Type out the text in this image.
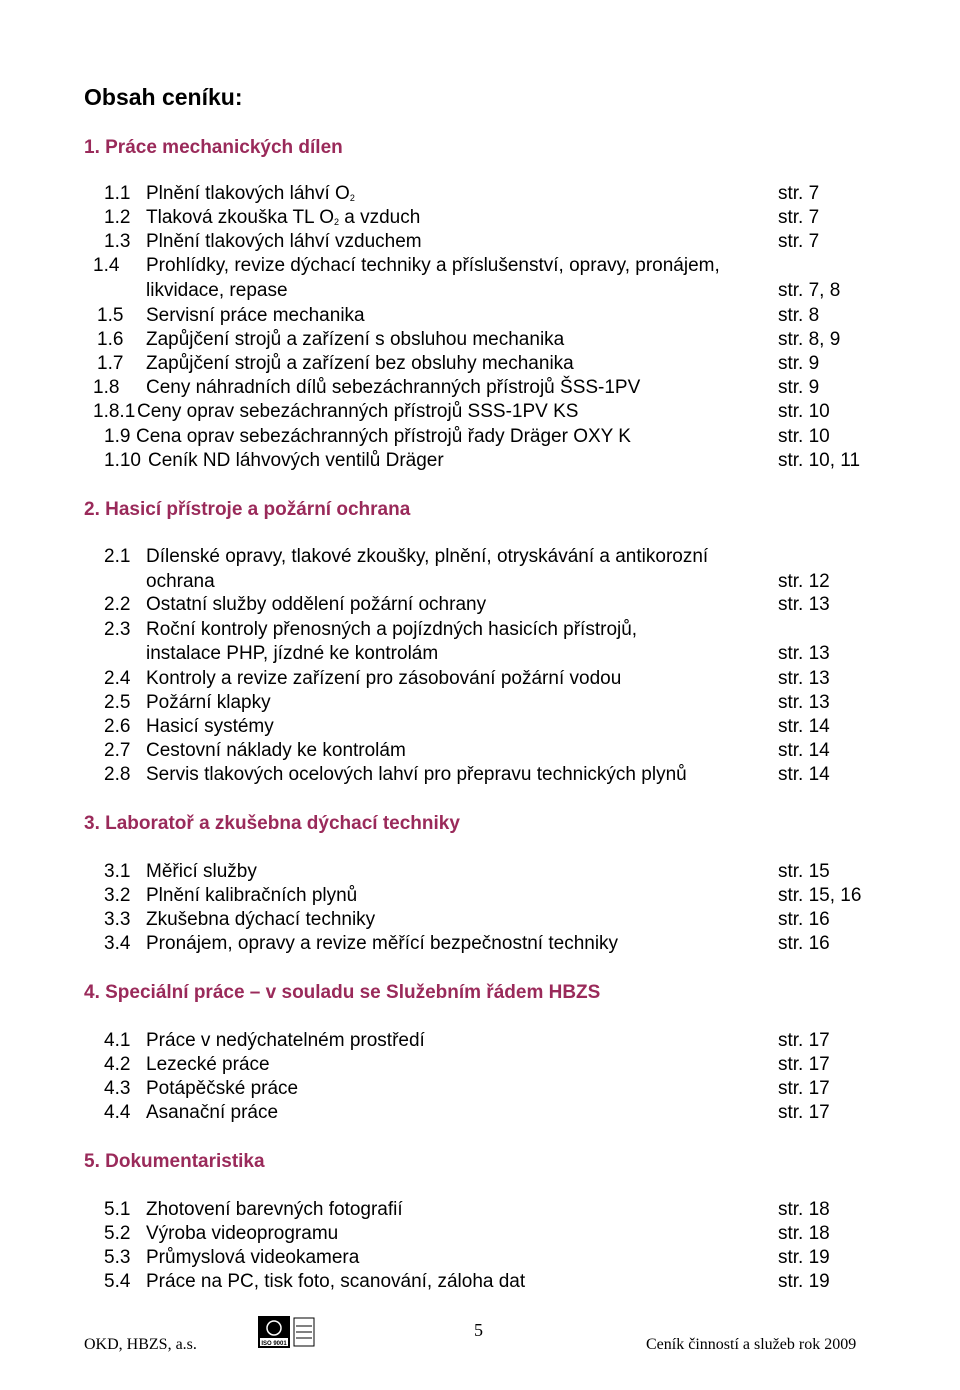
Obsah ceníku:
1. Práce mechanických dílen
2. Hasicí přístroje a požární ochrana
3. Laboratoř a zkušebna dýchací techniky
4. Speciální práce – v souladu se Služebním řádem HBZS
5. Dokumentaristika
1.1 Plnění tlakových láhví $O_2$	str. 7
1.2 Tlaková zkouška TL $O_2$ a vzduch	str. 7
1.3 Plnění tlakových láhví vzduchem	str. 7
1.4 Prohlídky, revize dýchací techniky a příslušenství, opravy, pronájem,
likvidace, repase	str. 7, 8
1.5 Servisní práce mechanika	str. 8
1.6 Zapůjčení strojů a zařízení s obsluhou mechanika	str. 8, 9
1.7 Zapůjčení strojů a zařízení bez obsluhy mechanika	str. 9
1.8 Ceny náhradních dílů sebezáchranných přístrojů ŠSS-1PV	str. 9
1.8.1 Ceny oprav sebezáchranných přístrojů SSS-1PV KS	str. 10
1.9 Cena oprav sebezáchranných přístrojů řady Dräger OXY K	str. 10
1.10 Ceník ND láhvových ventilů Dräger	str. 10, 11
2.1 Dílenské opravy, tlakové zkoušky, plnění, otryskávání a antikorozní
ochrana	str. 12
2.2 Ostatní služby oddělení požární ochrany	str. 13
2.3 Roční kontroly přenosných a pojízdných hasicích přístrojů,
instalace PHP, jízdné ke kontrolám	str. 13
2.4 Kontroly a revize zařízení pro zásobování požární vodou	str. 13
2.5 Požární klapky	str. 13
2.6 Hasicí systémy	str. 14
2.7 Cestovní náklady ke kontrolám	str. 14
2.8 Servis tlakových ocelových lahví pro přepravu technických plynů	str. 14
3.1 Měřicí služby	str. 15
3.2 Plnění kalibračních plynů	str. 15, 16
3.3 Zkušebna dýchací techniky	str. 16
3.4 Pronájem, opravy a revize měřící bezpečnostní techniky	str. 16
4.1 Práce v nedýchatelném prostředí	str. 17
4.2 Lezecké práce	str. 17
4.3 Potápěčské práce	str. 17
4.4 Asanační práce	str. 17
5.1 Zhotovení barevných fotografií	str. 18
5.2 Výroba videoprogramu	str. 18
5.3 Průmyslová videokamera	str. 19
5.4 Práce na PC, tisk foto, scanování, záloha dat	str. 19
OKD, HBZS, a.s.	ISO 9001
5
Ceník činností a služeb rok 2009
